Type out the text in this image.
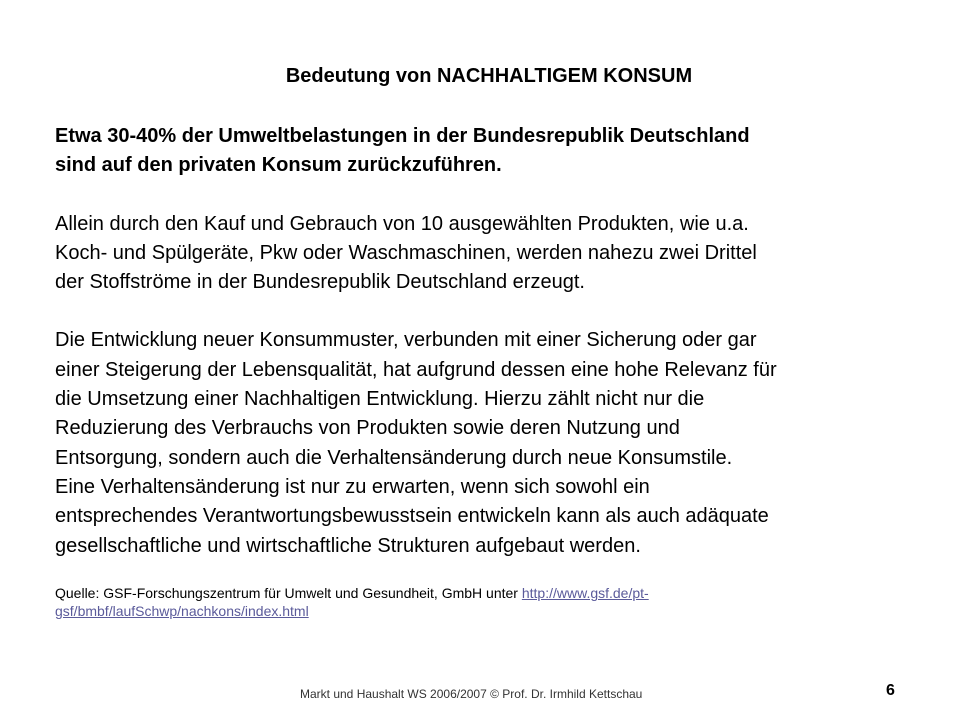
Bedeutung von NACHHALTIGEM KONSUM

Etwa 30-40% der Umweltbelastungen in der Bundesrepublik Deutschland

sind auf den privaten Konsum zurückzuführen.

Allein durch den Kauf und Gebrauch von 10 ausgewählten Produkten, wie u.a.

Koch- und Spülgeräte, Pkw oder Waschmaschinen, werden nahezu zwei Drittel

der Stoffströme in der Bundesrepublik Deutschland erzeugt.

Die Entwicklung neuer Konsummuster, verbunden mit einer Sicherung oder gar

einer Steigerung der Lebensqualität, hat aufgrund dessen eine hohe Relevanz für

die Umsetzung einer Nachhaltigen Entwicklung. Hierzu zählt nicht nur die

Reduzierung des Verbrauchs von Produkten sowie deren Nutzung und

Entsorgung, sondern auch die Verhaltensänderung durch neue Konsumstile.

Eine Verhaltensänderung ist nur zu erwarten, wenn sich sowohl ein

entsprechendes Verantwortungsbewusstsein entwickeln kann als auch adäquate

gesellschaftliche und wirtschaftliche Strukturen aufgebaut werden.

Quelle: GSF-Forschungszentrum für Umwelt und Gesundheit, GmbH unter http://www.gsf.de/pt-gsf/bmbf/laufSchwp/nachkons/index.html
Markt und Haushalt WS 2006/2007 © Prof. Dr. Irmhild Kettschau	6
